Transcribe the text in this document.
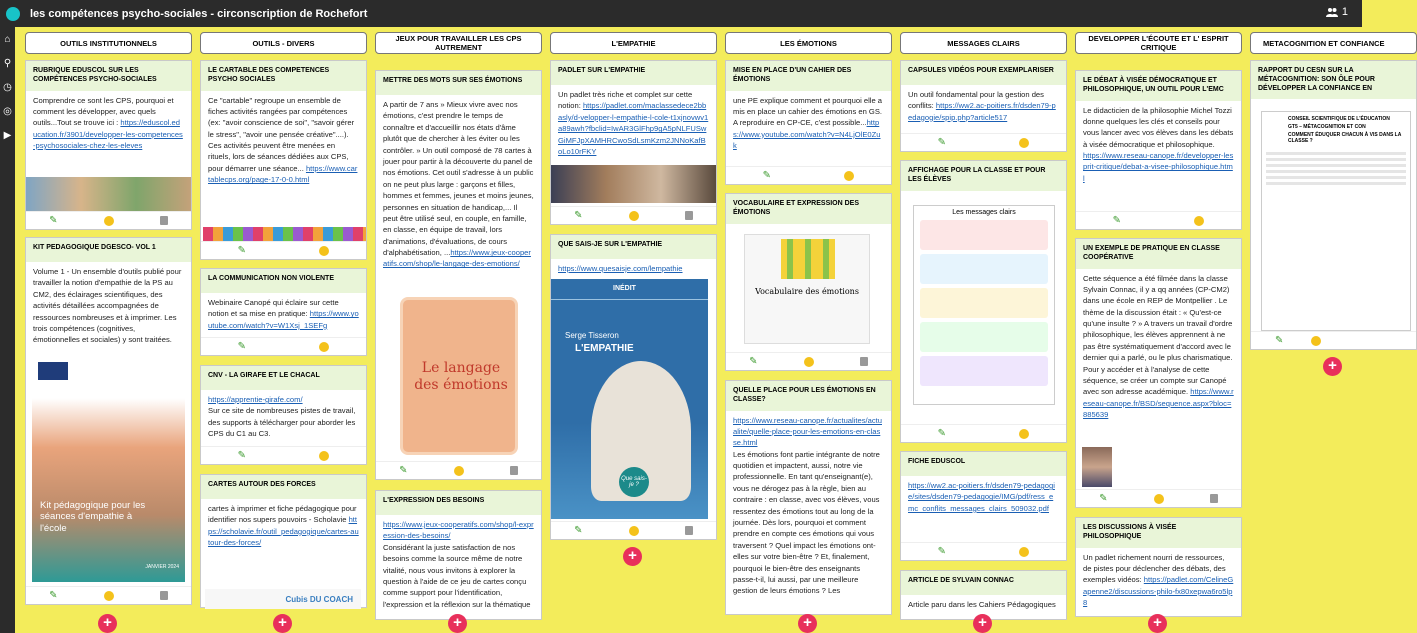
les compétences psycho-sociales - circonscription de Rochefort	1
⌂
⚲
◷
◎
▶
OUTILS INSTITUTIONNELS
RUBRIQUE EDUSCOL SUR LES COMPÉTENCES PSYCHO-SOCIALES
Comprendre ce sont les CPS, pourquoi et comment les développer, avec quels outils...Tout se trouve ici : https://eduscol.education.fr/3901/developper-les-competences-psychosociales-chez-les-eleves
✎
KIT PEDAGOGIQUE DGESCO- VOL 1
Volume 1 - Un ensemble d'outils publié pour travailler la notion d'empathie de la PS au CM2, des éclairages scientifiques, des activités détaillées accompagnées de ressources nombreuses et à imprimer. Les trois compétences (cognitives, émotionnelles et sociales) y sont traitées.
Kit pédagogique pour les séances d'empathie à l'école
JANVIER 2024
✎
+
OUTILS - DIVERS
LE CARTABLE DES COMPETENCES PSYCHO SOCIALES
Ce "cartable" regroupe un ensemble de fiches activités rangées par compétences (ex: "avoir conscience de soi", "savoir gérer le stress", "avoir une pensée créative"....). Ces activités peuvent être menées en rituels, lors de séances dédiées aux CPS, pour démarrer une séance... https://www.cartablecps.org/page-17-0-0.html
✎
LA COMMUNICATION NON VIOLENTE
Webinaire Canopé qui éclaire sur cette notion et sa mise en pratique: https://www.youtube.com/watch?v=W1Xsj_1SEFg
✎
CNV - LA GIRAFE ET LE CHACAL
https://apprentie-girafe.com/
Sur ce site de nombreuses pistes de travail, des supports à télécharger pour aborder les CPS du C1 au C3.
✎
CARTES AUTOUR DES FORCES
cartes à imprimer et fiche pédagogique pour identifier nos supers pouvoirs - Scholavie https://scholavie.fr/outil_pedagogique/cartes-autour-des-forces/
Cubis DU COACH
+
JEUX POUR TRAVAILLER LES CPS AUTREMENT
METTRE DES MOTS SUR SES ÉMOTIONS
A partir de 7 ans » Mieux vivre avec nos émotions, c'est prendre le temps de connaître et d'accueillir nos états d'âme plutôt que de chercher à les éviter ou les contrôler. » Un outil composé de 78 cartes à jouer pour partir à la découverte du panel de nos émotions. Cet outil s'adresse à un public on ne peut plus large : garçons et filles, hommes et femmes, jeunes et moins jeunes, personnes en situation de handicap,... Il peut être utilisé seul, en couple, en famille, en classe, en équipe de travail, lors d'animations, d'évaluations, de cours d'alphabétisation, ...https://www.jeux-cooperatifs.com/shop/le-langage-des-emotions/
Le langage des émotions
✎
L'EXPRESSION DES BESOINS
https://www.jeux-cooperatifs.com/shop/l-expression-des-besoins/
Considérant la juste satisfaction de nos besoins comme la source même de notre vitalité, nous vous invitons à explorer la question à l'aide de ce jeu de cartes conçu comme support pour l'identification, l'expression et la réflexion sur la thématique
+
L'EMPATHIE
PADLET SUR L'EMPATHIE
Un padlet très riche et complet sur cette notion: https://padlet.com/maclassedece2bbasly/d-velopper-l-empathie-l-cole-t1xjnovwv1a89awh?fbclid=IwAR3GlFhp9gA5pNLFUSwGiMFJpXAMHRCwoSdLsmKzm2JNNoKafBoLo10rFKY
✎
QUE SAIS-JE SUR L'EMPATHIE
https://www.quesaisje.com/lempathie
INÉDIT
Serge Tisseron
L'EMPATHIE
Que sais-je ?
✎
+
LES ÉMOTIONS
MISE EN PLACE D'UN CAHIER DES ÉMOTIONS
une PE explique comment et pourquoi elle a mis en place un cahier des émotions en GS. A reproduire en CP-CE, c'est possible...https://www.youtube.com/watch?v=N4LjOlE0Zuk
✎
VOCABULAIRE ET EXPRESSION DES ÉMOTIONS
Vocabulaire des émotions
✎
QUELLE PLACE POUR LES ÉMOTIONS EN CLASSE?
https://www.reseau-canope.fr/actualites/actualite/quelle-place-pour-les-emotions-en-classe.html
Les émotions font partie intégrante de notre quotidien et impactent, aussi, notre vie professionnelle. En tant qu'enseignant(e), vous ne dérogez pas à la règle, bien au contraire : en classe, avec vos élèves, vous ressentez des émotions tout au long de la journée. Dès lors, pourquoi et comment prendre en compte ces émotions qui vous traversent ? Quel impact les émotions ont-elles sur votre bien-être ? Et, finalement, pourquoi le bien-être des enseignants passe-t-il, lui aussi, par une meilleure gestion de leurs émotions ? Les
+
MESSAGES CLAIRS
CAPSULES VIDÉOS POUR EXEMPLARISER
Un outil fondamental pour la gestion des conflits: https://ww2.ac-poitiers.fr/dsden79-pedagogie/spip.php?article517
✎
AFFICHAGE POUR LA CLASSE ET POUR LES ÉLÈVES
Les messages clairs
✎
FICHE EDUSCOL
https://ww2.ac-poitiers.fr/dsden79-pedagogie/sites/dsden79-pedagogie/IMG/pdf/ress_emc_conflits_messages_clairs_509032.pdf
✎
ARTICLE DE SYLVAIN CONNAC
Article paru dans les Cahiers Pédagogiques
+
DEVELOPPER L'ÉCOUTE ET L' ESPRIT CRITIQUE
LE DÉBAT À VISÉE DÉMOCRATIQUE ET PHILOSOPHIQUE, UN OUTIL POUR L'EMC
Le didacticien de la philosophie Michel Tozzi donne quelques les clés et conseils pour vous lancer avec vos élèves dans les débats à visée démocratique et philosophique.
https://www.reseau-canope.fr/developper-lesprit-critique/debat-a-visee-philosophique.html
✎
UN EXEMPLE DE PRATIQUE EN CLASSE COOPÉRATIVE
Cette séquence a été filmée dans la classe Sylvain Connac, il y a qq années (CP-CM2) dans une école en REP de Montpellier . Le thème de la discussion était : « Qu'est-ce qu'une insulte ? » A travers un travail d'ordre philosophique, les élèves apprennent à ne pas être systématiquement d'accord avec le dernier qui a parlé, ou le plus charismatique. Pour y accéder et à l'analyse de cette séquence, se créer un compte sur Canopé avec son adresse académique. https://www.reseau-canope.fr/BSD/sequence.aspx?bloc=885639
✎
LES DISCUSSIONS À VISÉE PHILOSOPHIQUE
Un padlet richement nourri de ressources, de pistes pour déclencher des débats, des exemples vidéos: https://padlet.com/CelineGapenne2/discussions-philo-fx80xepwa6ro5lp8
+
METACOGNITION ET CONFIANCE
RAPPORT DU CESN SUR LA MÉTACOGNITION: SON ÔLE POUR DÉVELOPPER LA CONFIANCE EN
CONSEIL SCIENTIFIQUE DE L'ÉDUCATION
GT5 – MÉTACOGNITION ET CON
COMMENT ÉDUQUER CHACUN À VIS DANS LA CLASSE ?
✎
+
